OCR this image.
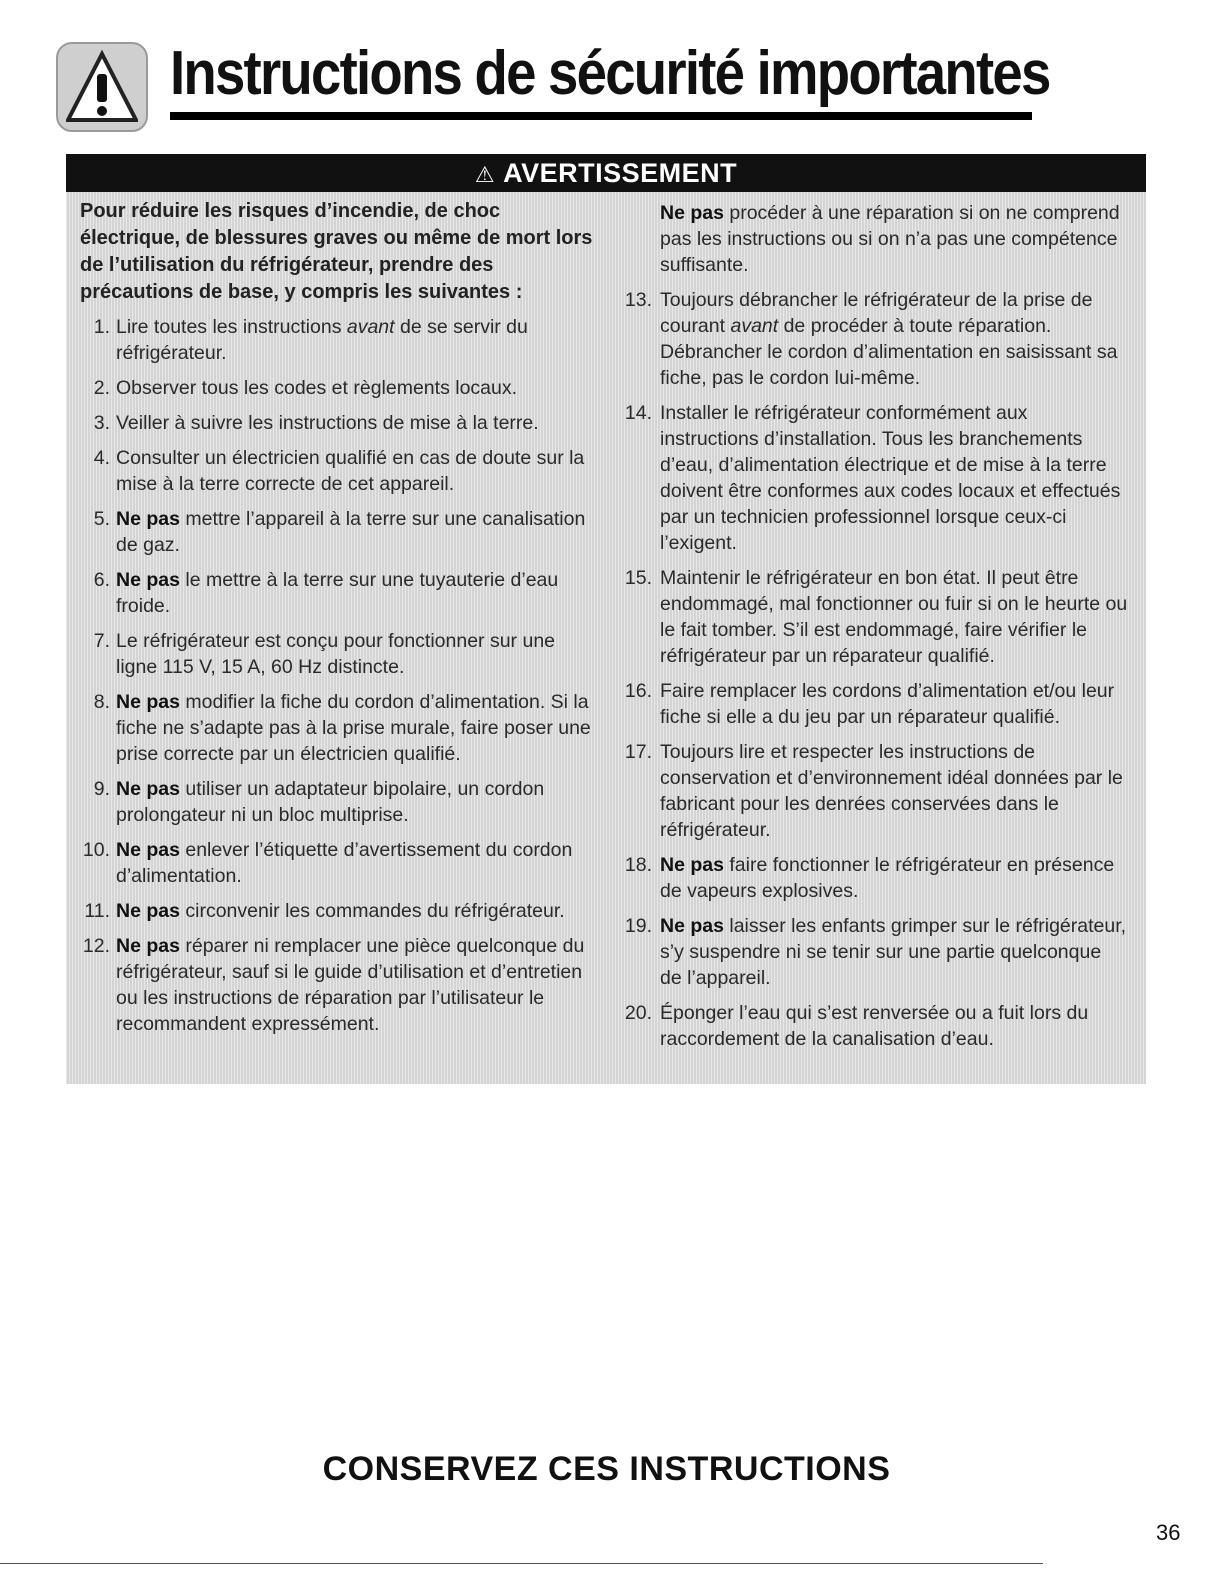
Instructions de sécurité importantes
⚠ AVERTISSEMENT

Pour réduire les risques d’incendie, de choc électrique, de blessures graves ou même de mort lors de l’utilisation du réfrigérateur, prendre des précautions de base, y compris les suivantes :

1. Lire toutes les instructions avant de se servir du réfrigérateur.
2. Observer tous les codes et règlements locaux.
3. Veiller à suivre les instructions de mise à la terre.
4. Consulter un électricien qualifié en cas de doute sur la mise à la terre correcte de cet appareil.
5. Ne pas mettre l’appareil à la terre sur une canalisation de gaz.
6. Ne pas le mettre à la terre sur une tuyauterie d’eau froide.
7. Le réfrigérateur est conçu pour fonctionner sur une ligne 115 V, 15 A, 60 Hz distincte.
8. Ne pas modifier la fiche du cordon d’alimentation. Si la fiche ne s’adapte pas à la prise murale, faire poser une prise correcte par un électricien qualifié.
9. Ne pas utiliser un adaptateur bipolaire, un cordon prolongateur ni un bloc multiprise.
10. Ne pas enlever l’étiquette d’avertissement du cordon d’alimentation.
11. Ne pas circonvenir les commandes du réfrigérateur.
12. Ne pas réparer ni remplacer une pièce quelconque du réfrigérateur, sauf si le guide d’utilisation et d’entretien ou les instructions de réparation par l’utilisateur le recommandent expressément.
Ne pas procéder à une réparation si on ne comprend pas les instructions ou si on n’a pas une compétence suffisante.
13. Toujours débrancher le réfrigérateur de la prise de courant avant de procéder à toute réparation. Débrancher le cordon d’alimentation en saisissant sa fiche, pas le cordon lui-même.
14. Installer le réfrigérateur conformément aux instructions d’installation. Tous les branchements d’eau, d’alimentation électrique et de mise à la terre doivent être conformes aux codes locaux et effectués par un technicien professionnel lorsque ceux-ci l’exigent.
15. Maintenir le réfrigérateur en bon état. Il peut être endommagé, mal fonctionner ou fuir si on le heurte ou le fait tomber. S’il est endommagé, faire vérifier le réfrigérateur par un réparateur qualifié.
16. Faire remplacer les cordons d’alimentation et/ou leur fiche si elle a du jeu par un réparateur qualifié.
17. Toujours lire et respecter les instructions de conservation et d’environnement idéal données par le fabricant pour les denrées conservées dans le réfrigérateur.
18. Ne pas faire fonctionner le réfrigérateur en présence de vapeurs explosives.
19. Ne pas laisser les enfants grimper sur le réfrigérateur, s’y suspendre ni se tenir sur une partie quelconque de l’appareil.
20. Éponger l’eau qui s’est renversée ou a fuit lors du raccordement de la canalisation d’eau.
CONSERVEZ CES INSTRUCTIONS
36
